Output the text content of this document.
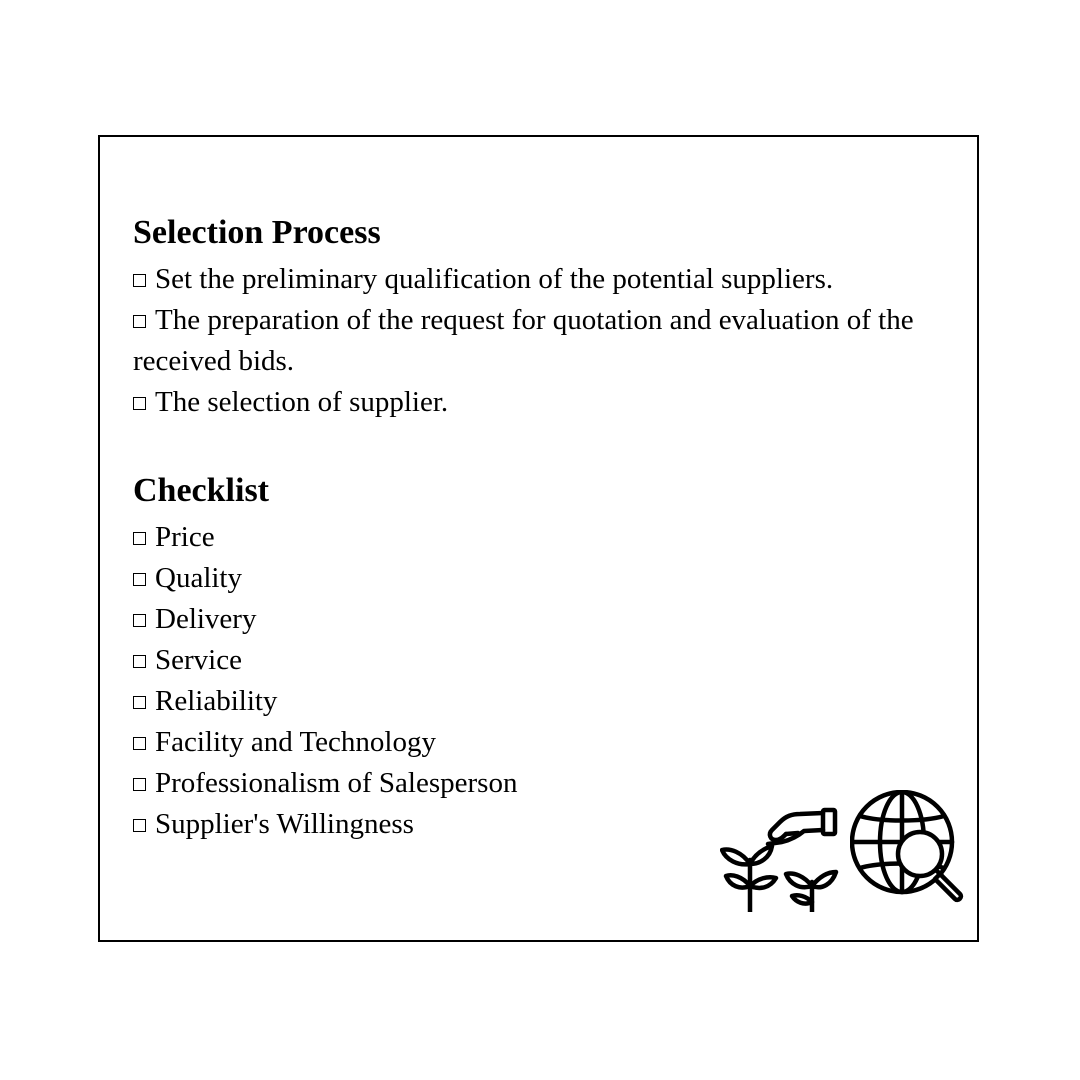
Selection Process

Set the preliminary qualification of the potential suppliers.

The preparation of the request for quotation and evaluation of the received bids.

The selection of supplier.

Checklist

Price

Quality

Delivery

Service

Reliability

Facility and Technology

Professionalism of Salesperson

Supplier's Willingness
